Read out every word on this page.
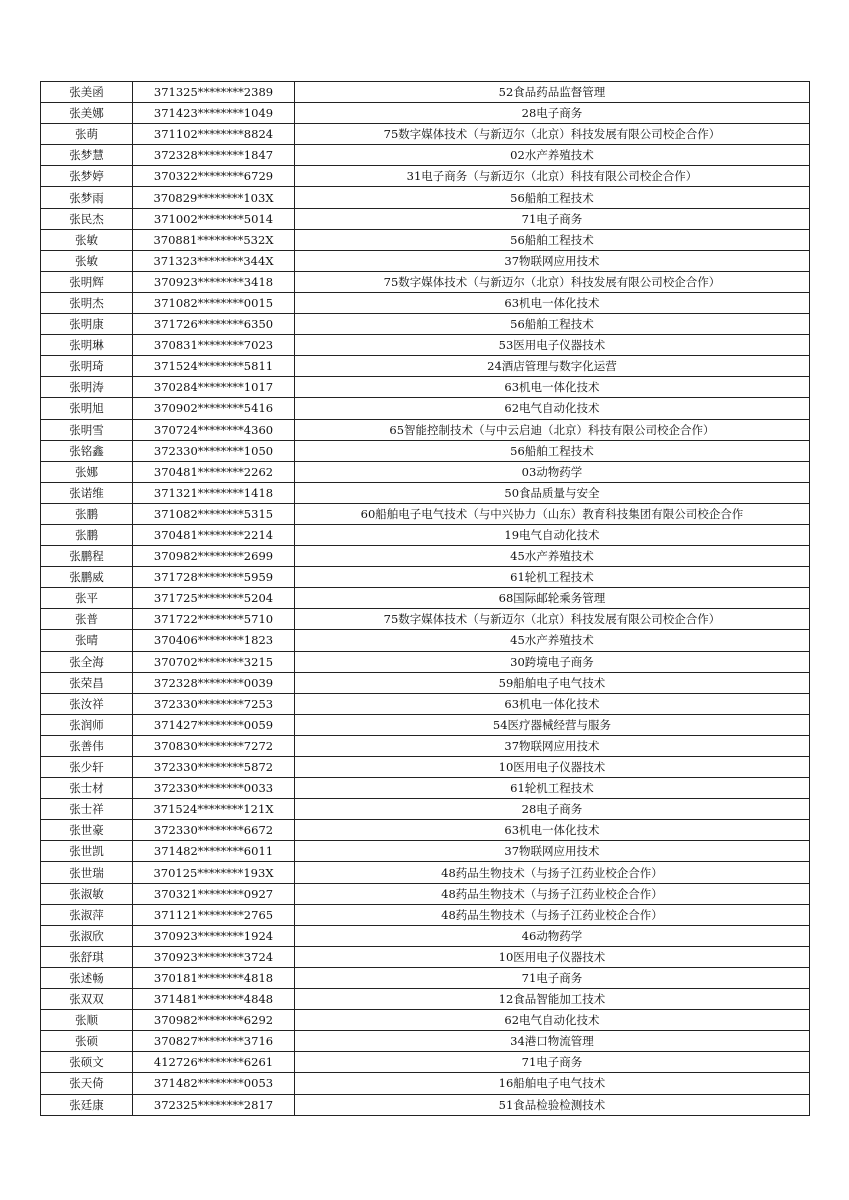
张美函	371325********2389	52食品药品监督管理
张美娜	371423********1049	28电子商务
张萌	371102********8824	75数字媒体技术（与新迈尔（北京）科技发展有限公司校企合作）
张梦慧	372328********1847	02水产养殖技术
张梦婷	370322********6729	31电子商务（与新迈尔（北京）科技有限公司校企合作）
张梦雨	370829********103X	56船舶工程技术
张民杰	371002********5014	71电子商务
张敏	370881********532X	56船舶工程技术
张敏	371323********344X	37物联网应用技术
张明辉	370923********3418	75数字媒体技术（与新迈尔（北京）科技发展有限公司校企合作）
张明杰	371082********0015	63机电一体化技术
张明康	371726********6350	56船舶工程技术
张明琳	370831********7023	53医用电子仪器技术
张明琦	371524********5811	24酒店管理与数字化运营
张明涛	370284********1017	63机电一体化技术
张明旭	370902********5416	62电气自动化技术
张明雪	370724********4360	65智能控制技术（与中云启迪（北京）科技有限公司校企合作）
张铭鑫	372330********1050	56船舶工程技术
张娜	370481********2262	03动物药学
张诺维	371321********1418	50食品质量与安全
张鹏	371082********5315	60船舶电子电气技术（与中兴协力（山东）教育科技集团有限公司校企合作
张鹏	370481********2214	19电气自动化技术
张鹏程	370982********2699	45水产养殖技术
张鹏威	371728********5959	61轮机工程技术
张平	371725********5204	68国际邮轮乘务管理
张普	371722********5710	75数字媒体技术（与新迈尔（北京）科技发展有限公司校企合作）
张晴	370406********1823	45水产养殖技术
张全海	370702********3215	30跨境电子商务
张荣昌	372328********0039	59船舶电子电气技术
张汝祥	372330********7253	63机电一体化技术
张润师	371427********0059	54医疗器械经营与服务
张善伟	370830********7272	37物联网应用技术
张少轩	372330********5872	10医用电子仪器技术
张士材	372330********0033	61轮机工程技术
张士祥	371524********121X	28电子商务
张世豪	372330********6672	63机电一体化技术
张世凯	371482********6011	37物联网应用技术
张世瑞	370125********193X	48药品生物技术（与扬子江药业校企合作）
张淑敏	370321********0927	48药品生物技术（与扬子江药业校企合作）
张淑萍	371121********2765	48药品生物技术（与扬子江药业校企合作）
张淑欣	370923********1924	46动物药学
张舒琪	370923********3724	10医用电子仪器技术
张述畅	370181********4818	71电子商务
张双双	371481********4848	12食品智能加工技术
张顺	370982********6292	62电气自动化技术
张硕	370827********3716	34港口物流管理
张硕文	412726********6261	71电子商务
张天倚	371482********0053	16船舶电子电气技术
张廷康	372325********2817	51食品检验检测技术
